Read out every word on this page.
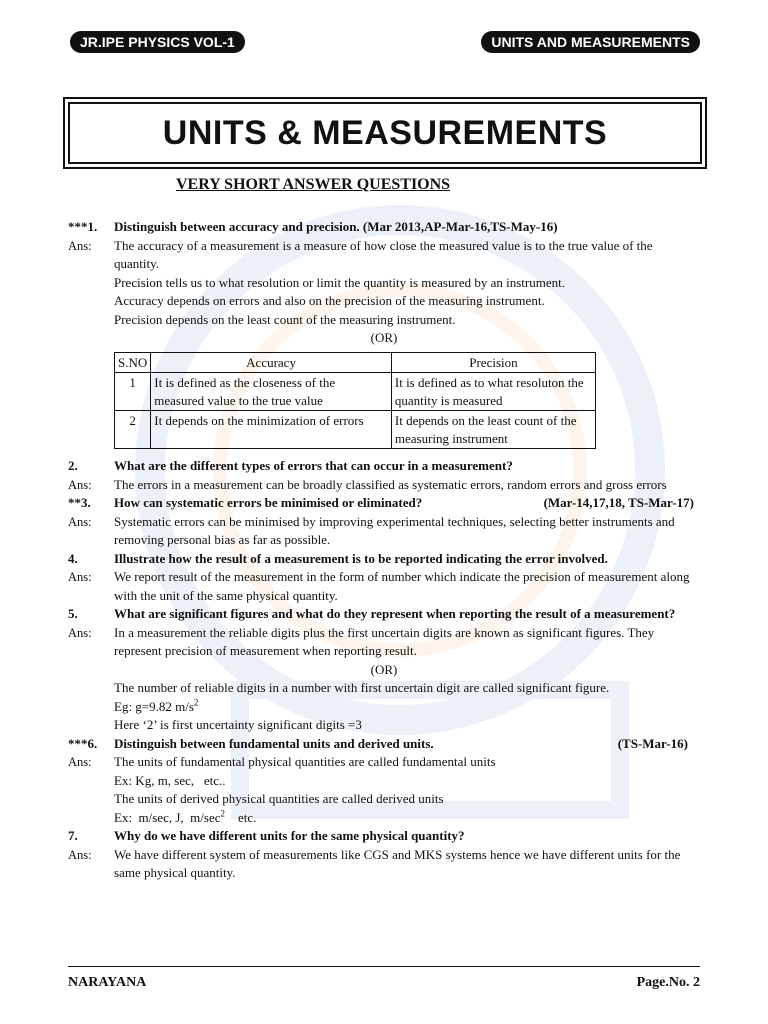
JR.IPE PHYSICS VOL-1	UNITS AND MEASUREMENTS
UNITS & MEASUREMENTS
VERY SHORT ANSWER QUESTIONS
***1.	Distinguish between accuracy and precision. (Mar 2013,AP-Mar-16,TS-May-16)
Ans:	The accuracy of a measurement is a measure of how close the measured value is to the true value of the quantity.
Precision tells us to what resolution or limit the quantity is measured by an instrument.
Accuracy depends on errors and also on the precision of the measuring instrument.
Precision depends on the least count of the measuring instrument.
(OR)
S.NO	Accuracy	Precision
1	It is defined as the closeness of the measured value to the true value	It is defined as to what resoluton the quantity is measured
2	It depends on the minimization of errors	It depends on the least count of the measuring instrument
2.	What are the different types of errors that can occur in a measurement?
Ans:	The errors in a measurement can be broadly classified as systematic errors, random errors and gross errors
**3.	How can systematic errors be minimised or eliminated?	(Mar-14,17,18, TS-Mar-17)
Ans:	Systematic errors can be minimised by improving experimental techniques, selecting better instruments and removing personal bias as far as possible.
4.	Illustrate how the result of a measurement is to be reported indicating the error involved.
Ans:	We report result of the measurement in the form of number which indicate the precision of measurement along with the unit of the same physical quantity.
5.	What are significant figures and what do they represent when reporting the result of a measurement?
Ans:	In a measurement the reliable digits plus the first uncertain digits are known as significant figures. They represent precision of measurement when reporting result.
(OR)
The number of reliable digits in a number with first uncertain digit are called significant figure.
Eg: g=9.82 $m/s^2$
Here ‘2’ is first uncertainty significant digits =3
***6.	Distinguish between fundamental units and derived units.	(TS-Mar-16)
Ans:	The units of fundamental physical quantities are called fundamental units
Ex: Kg, m, sec,   etc..
The units of derived physical quantities are called derived units
Ex:  m/sec, J,  $m/\sec^2$    etc.
7.	Why do we have different units for the same physical quantity?
Ans:	We have different system of measurements like CGS and MKS systems hence we have different units for the same physical quantity.
NARAYANA	Page.No. 2
